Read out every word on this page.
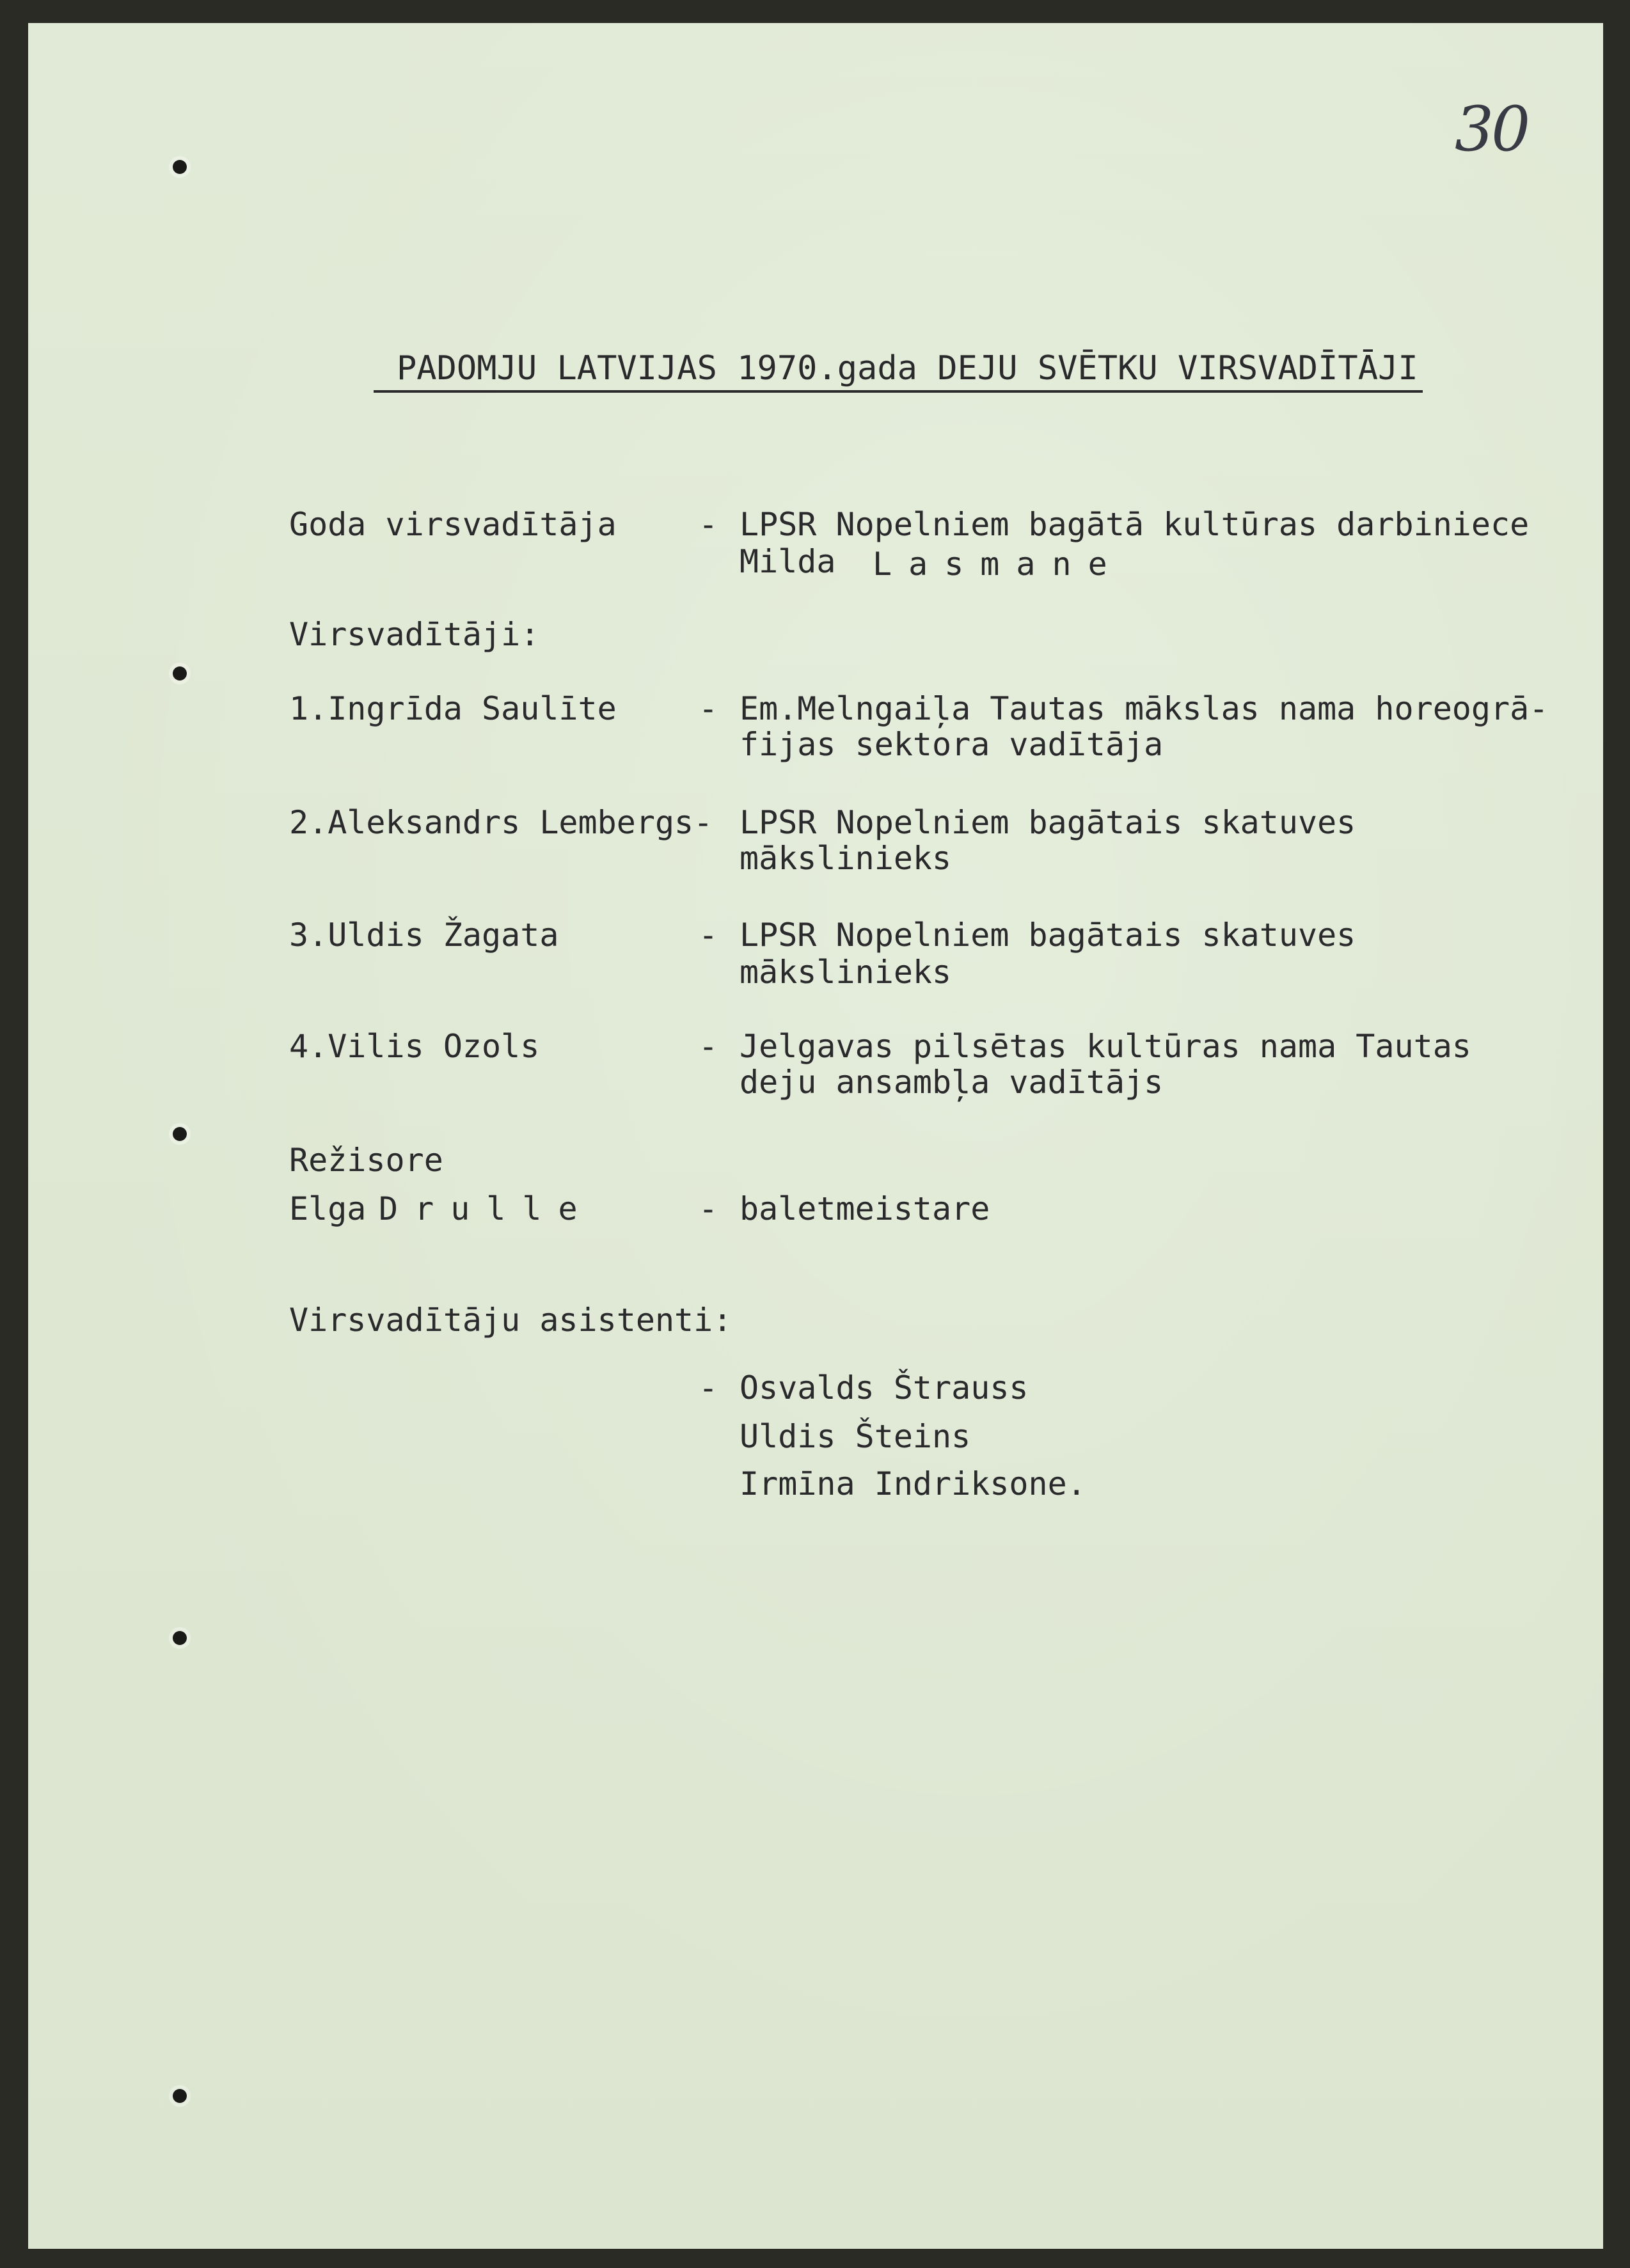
30
PADOMJU LATVIJAS 1970.gada DEJU SVĒTKU VIRSVADĪTĀJI
Goda virsvadītāja	- LPSR Nopelniem bagātā kultūras darbiniece
Milda Lasmane
Virsvadītāji:
1.Ingrīda Saulīte	- Em.Melngaiļa Tautas mākslas nama horeogrā-
fijas sektora vadītāja
2.Aleksandrs Lembergs- LPSR Nopelniem bagātais skatuves
mākslinieks
3.Uldis Žagata	- LPSR Nopelniem bagātais skatuves
mākslinieks
4.Vilis Ozols	- Jelgavas pilsētas kultūras nama Tautas
deju ansambļa vadītājs
Režisore
Elga Drulle	- baletmeistare
Virsvadītāju asistenti:
- Osvalds Štrauss
Uldis Šteins
Irmīna Indriksone.
